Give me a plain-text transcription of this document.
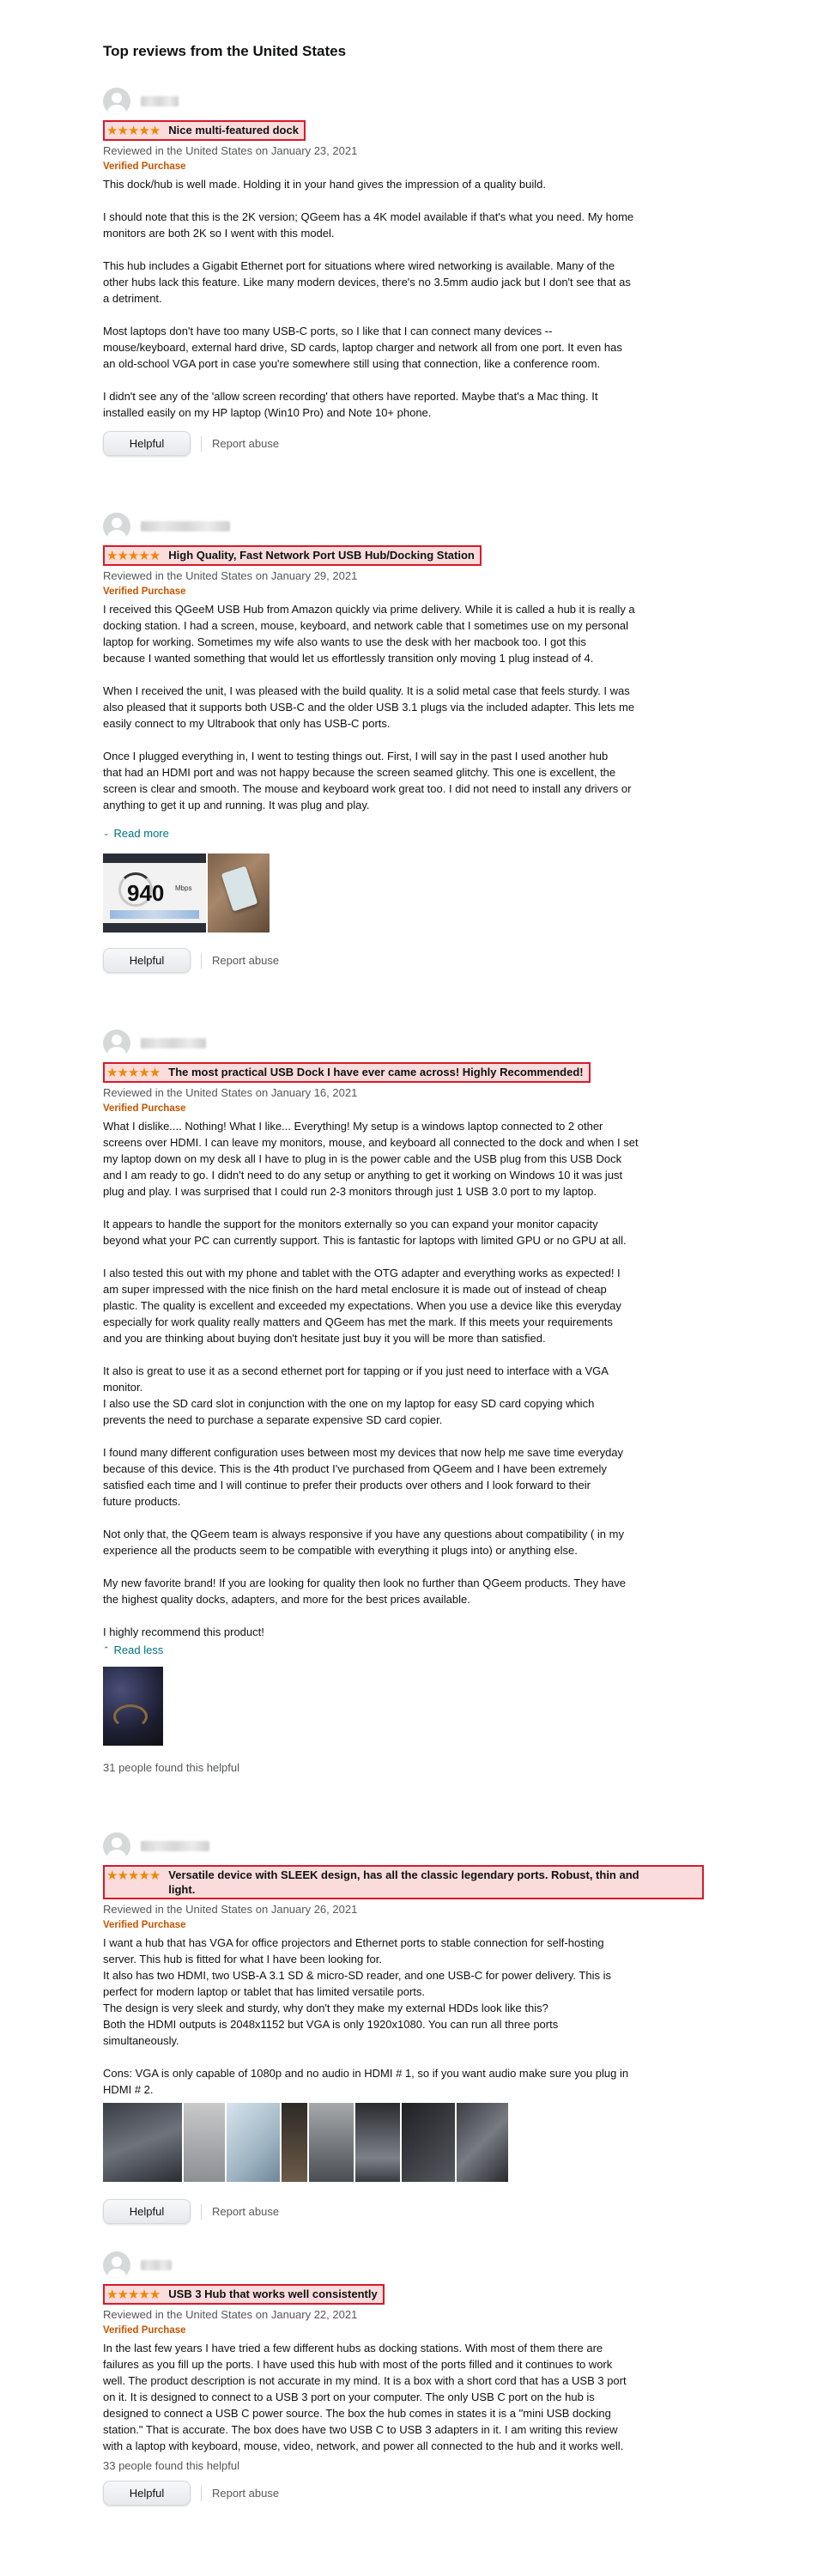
Top reviews from the United States
★ ★ ★ ★ ★ Nice multi-featured dock
Reviewed in the United States on January 23, 2021
Verified Purchase

This dock/hub is well made. Holding it in your hand gives the impression of a quality build.

I should note that this is the 2K version; QGeem has a 4K model available if that's what you need. My home
monitors are both 2K so I went with this model.

This hub includes a Gigabit Ethernet port for situations where wired networking is available. Many of the
other hubs lack this feature. Like many modern devices, there's no 3.5mm audio jack but I don't see that as
a detriment.

Most laptops don't have too many USB-C ports, so I like that I can connect many devices --
mouse/keyboard, external hard drive, SD cards, laptop charger and network all from one port. It even has
an old-school VGA port in case you're somewhere still using that connection, like a conference room.

I didn't see any of the 'allow screen recording' that others have reported. Maybe that's a Mac thing. It
installed easily on my HP laptop (Win10 Pro) and Note 10+ phone.

Helpful	Report abuse
★ ★ ★ ★ ★ High Quality, Fast Network Port USB Hub/Docking Station
Reviewed in the United States on January 29, 2021
Verified Purchase

I received this QGeeM USB Hub from Amazon quickly via prime delivery. While it is called a hub it is really a
docking station. I had a screen, mouse, keyboard, and network cable that I sometimes use on my personal
laptop for working. Sometimes my wife also wants to use the desk with her macbook too. I got this
because I wanted something that would let us effortlessly transition only moving 1 plug instead of 4.

When I received the unit, I was pleased with the build quality. It is a solid metal case that feels sturdy. I was
also pleased that it supports both USB-C and the older USB 3.1 plugs via the included adapter. This lets me
easily connect to my Ultrabook that only has USB-C ports.

Once I plugged everything in, I went to testing things out. First, I will say in the past I used another hub
that had an HDMI port and was not happy because the screen seamed glitchy. This one is excellent, the
screen is clear and smooth. The mouse and keyboard work great too. I did not need to install any drivers or
anything to get it up and running. It was plug and play.

⌄ Read more
940 Mbps
Helpful	Report abuse
★ ★ ★ ★ ★ The most practical USB Dock I have ever came across! Highly Recommended!
Reviewed in the United States on January 16, 2021
Verified Purchase

What I dislike.... Nothing! What I like... Everything! My setup is a windows laptop connected to 2 other
screens over HDMI. I can leave my monitors, mouse, and keyboard all connected to the dock and when I set
my laptop down on my desk all I have to plug in is the power cable and the USB plug from this USB Dock
and I am ready to go. I didn't need to do any setup or anything to get it working on Windows 10 it was just
plug and play. I was surprised that I could run 2-3 monitors through just 1 USB 3.0 port to my laptop.

It appears to handle the support for the monitors externally so you can expand your monitor capacity
beyond what your PC can currently support. This is fantastic for laptops with limited GPU or no GPU at all.

I also tested this out with my phone and tablet with the OTG adapter and everything works as expected! I
am super impressed with the nice finish on the hard metal enclosure it is made out of instead of cheap
plastic. The quality is excellent and exceeded my expectations. When you use a device like this everyday
especially for work quality really matters and QGeem has met the mark. If this meets your requirements
and you are thinking about buying don't hesitate just buy it you will be more than satisfied.

It also is great to use it as a second ethernet port for tapping or if you just need to interface with a VGA
monitor.
I also use the SD card slot in conjunction with the one on my laptop for easy SD card copying which
prevents the need to purchase a separate expensive SD card copier.

I found many different configuration uses between most my devices that now help me save time everyday
because of this device. This is the 4th product I've purchased from QGeem and I have been extremely
satisfied each time and I will continue to prefer their products over others and I look forward to their
future products.

Not only that, the QGeem team is always responsive if you have any questions about compatibility ( in my
experience all the products seem to be compatible with everything it plugs into) or anything else.

My new favorite brand! If you are looking for quality then look no further than QGeem products. They have
the highest quality docks, adapters, and more for the best prices available.

I highly recommend this product!

⌃ Read less
31 people found this helpful
★ ★ ★ ★ ★ Versatile device with SLEEK design, has all the classic legendary ports. Robust, thin and
light.
Reviewed in the United States on January 26, 2021
Verified Purchase

I want a hub that has VGA for office projectors and Ethernet ports to stable connection for self-hosting
server. This hub is fitted for what I have been looking for.
It also has two HDMI, two USB-A 3.1 SD & micro-SD reader, and one USB-C for power delivery. This is
perfect for modern laptop or tablet that has limited versatile ports.
The design is very sleek and sturdy, why don't they make my external HDDs look like this?
Both the HDMI outputs is 2048x1152 but VGA is only 1920x1080. You can run all three ports
simultaneously.

Cons: VGA is only capable of 1080p and no audio in HDMI # 1, so if you want audio make sure you plug in
HDMI # 2.

Helpful	Report abuse
★ ★ ★ ★ ★ USB 3 Hub that works well consistently
Reviewed in the United States on January 22, 2021
Verified Purchase

In the last few years I have tried a few different hubs as docking stations. With most of them there are
failures as you fill up the ports. I have used this hub with most of the ports filled and it continues to work
well. The product description is not accurate in my mind. It is a box with a short cord that has a USB 3 port
on it. It is designed to connect to a USB 3 port on your computer. The only USB C port on the hub is
designed to connect a USB C power source. The box the hub comes in states it is a "mini USB docking
station." That is accurate. The box does have two USB C to USB 3 adapters in it. I am writing this review
with a laptop with keyboard, mouse, video, network, and power all connected to the hub and it works well.

33 people found this helpful
Helpful	Report abuse
